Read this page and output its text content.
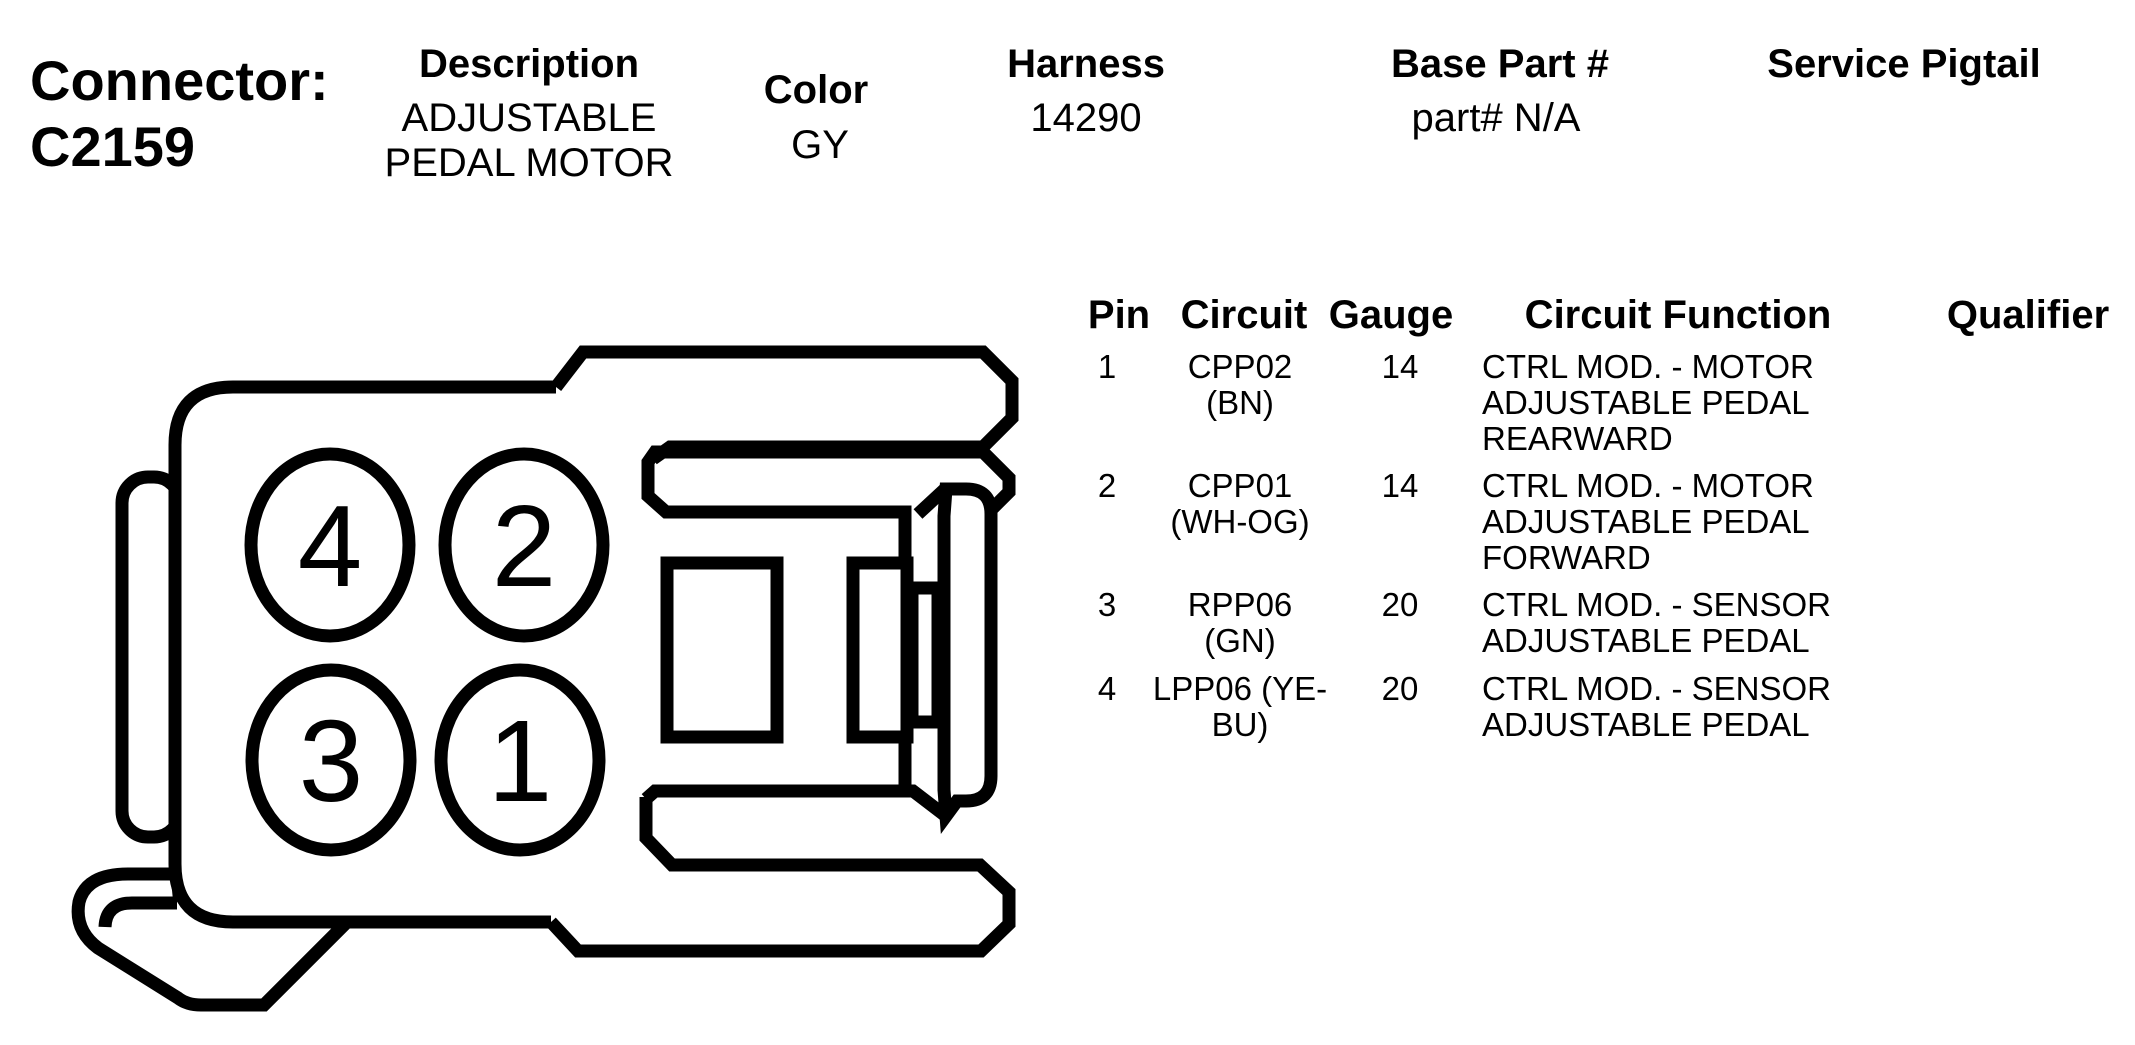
4 2
3 1
Connector:
C2159
Description
ADJUSTABLE
PEDAL MOTOR
Color
GY
Harness
14290
Base Part #
part# N/A
Service Pigtail
Pin Circuit Gauge Circuit Function	Qualifier
1 CPP02
(BN)
14 CTRL MOD. - MOTOR
ADJUSTABLE PEDAL
REARWARD
2	CPP01
(WH-OG)
14 CTRL MOD. - MOTOR
ADJUSTABLE PEDAL
FORWARD
3 RPP06
(GN)
20 CTRL MOD. - SENSOR
ADJUSTABLE PEDAL
4 LPP06 (YE-
BU)
20 CTRL MOD. - SENSOR
ADJUSTABLE PEDAL
